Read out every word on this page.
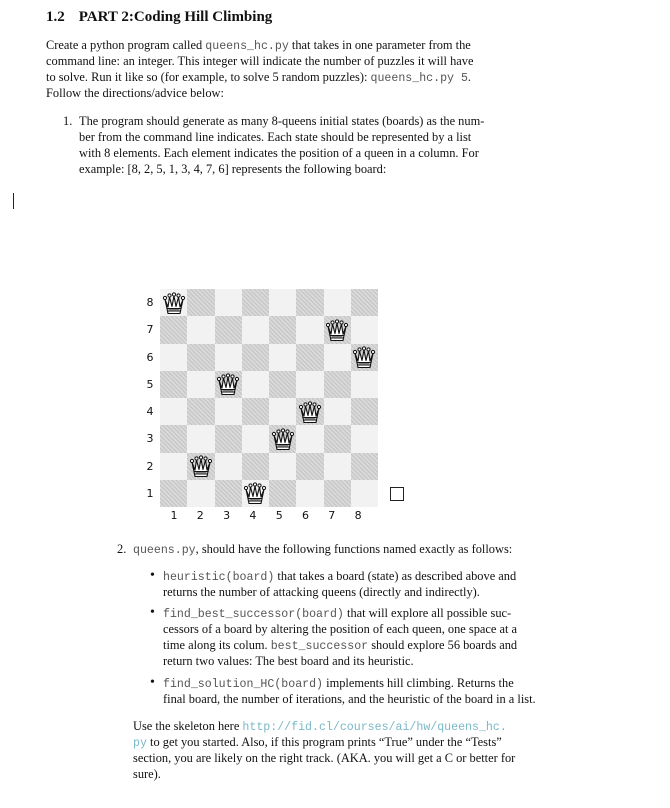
1.2 PART 2:Coding Hill Climbing
Create a python program called queens_hc.py that takes in one parameter from the
command line: an integer. This integer will indicate the number of puzzles it will have
to solve. Run it like so (for example, to solve 5 random puzzles): queens_hc.py 5.
Follow the directions/advice below:
1. The program should generate as many 8-queens initial states (boards) as the num-
ber from the command line indicates. Each state should be represented by a list
with 8 elements. Each element indicates the position of a queen in a column. For
example: [8, 2, 5, 1, 3, 4, 7, 6] represents the following board:
8
7
6
5
4
3
2
1
1 2 3 4 5 6 7 8
2. queens.py, should have the following functions named exactly as follows:
• heuristic(board) that takes a board (state) as described above and
returns the number of attacking queens (directly and indirectly).
• find_best_successor(board) that will explore all possible suc-
cessors of a board by altering the position of each queen, one space at a
time along its colum. best_successor should explore 56 boards and
return two values: The best board and its heuristic.
• find_solution_HC(board) implements hill climbing. Returns the
final board, the number of iterations, and the heuristic of the board in a list.
Use the skeleton here http://fid.cl/courses/ai/hw/queens_hc.
py to get you started. Also, if this program prints “True” under the “Tests”
section, you are likely on the right track. (AKA. you will get a C or better for
sure).
